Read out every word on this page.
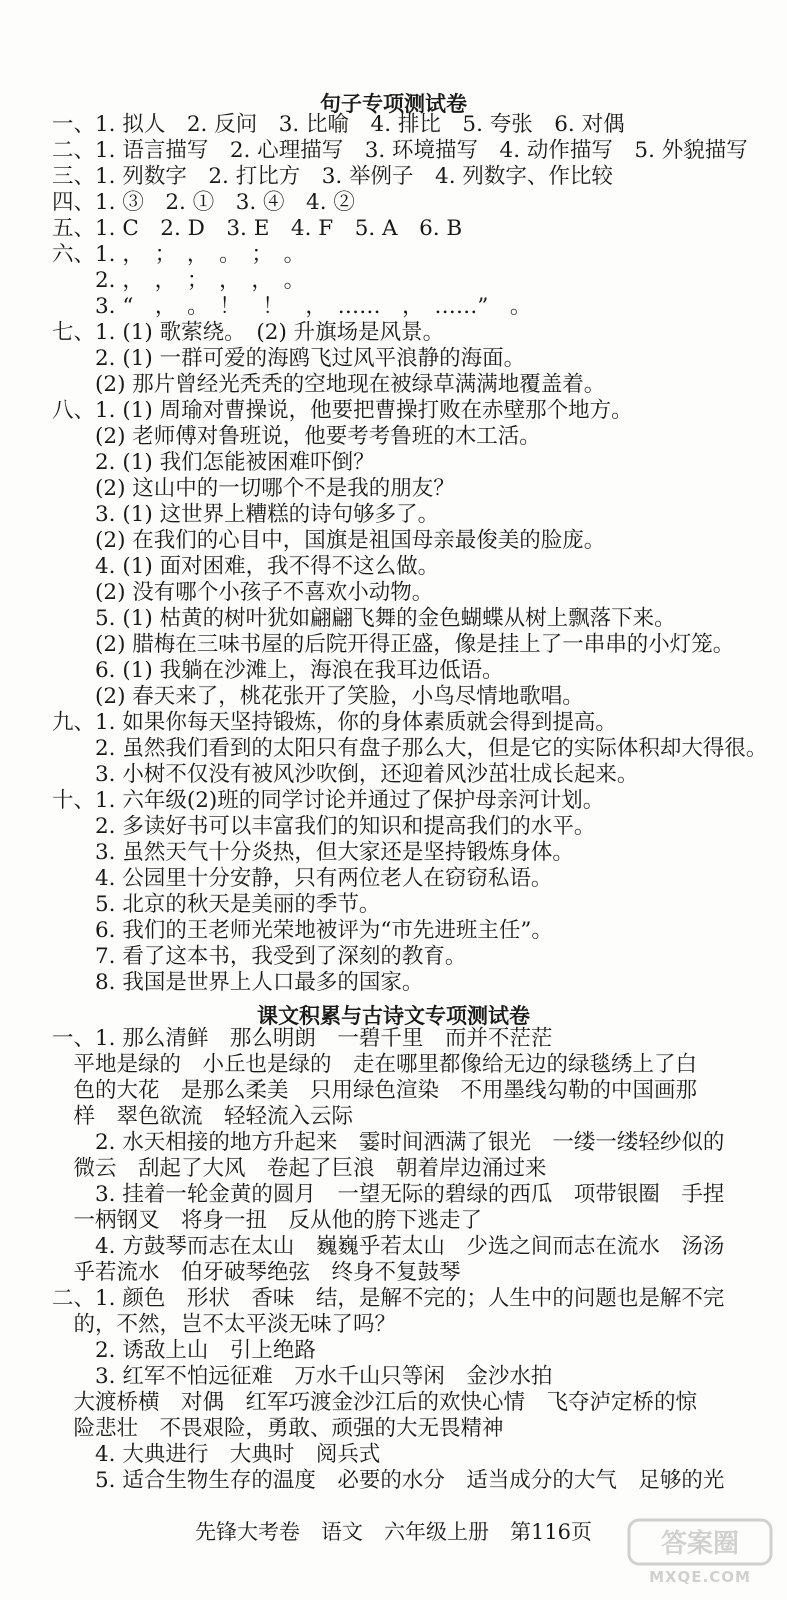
句子专项测试卷
一、1. 拟人　2. 反问　3. 比喻　4. 排比　5. 夸张　6. 对偶
二、1. 语言描写　2. 心理描写　3. 环境描写　4. 动作描写　5. 外貌描写
三、1. 列数字　2. 打比方　3. 举例子　4. 列数字、作比较
四、1. ③　2. ①　3. ④　4. ②
五、1. C　2. D　3. E　4. F　5. A　6. B
六、1. ，　；　，　。　；　。
　　2. ，　，　；　，　，　。
　　3. “　，　。　！　！　，　……　，　……”　。
七、1. (1) 歌萦绕。　(2) 升旗场是风景。
　　2. (1) 一群可爱的海鸥飞过风平浪静的海面。
　　(2) 那片曾经光秃秃的空地现在被绿草满满地覆盖着。
八、1. (1) 周瑜对曹操说，他要把曹操打败在赤壁那个地方。
　　(2) 老师傅对鲁班说，他要考考鲁班的木工活。
　　2. (1) 我们怎能被困难吓倒？
　　(2) 这山中的一切哪个不是我的朋友？
　　3. (1) 这世界上糟糕的诗句够多了。
　　(2) 在我们的心目中，国旗是祖国母亲最俊美的脸庞。
　　4. (1) 面对困难，我不得不这么做。
　　(2) 没有哪个小孩子不喜欢小动物。
　　5. (1) 枯黄的树叶犹如翩翩飞舞的金色蝴蝶从树上飘落下来。
　　(2) 腊梅在三味书屋的后院开得正盛，像是挂上了一串串的小灯笼。
　　6. (1) 我躺在沙滩上，海浪在我耳边低语。
　　(2) 春天来了，桃花张开了笑脸，小鸟尽情地歌唱。
九、1. 如果你每天坚持锻炼，你的身体素质就会得到提高。
　　2. 虽然我们看到的太阳只有盘子那么大，但是它的实际体积却大得很。
　　3. 小树不仅没有被风沙吹倒，还迎着风沙茁壮成长起来。
十、1. 六年级(2)班的同学讨论并通过了保护母亲河计划。
　　2. 多读好书可以丰富我们的知识和提高我们的水平。
　　3. 虽然天气十分炎热，但大家还是坚持锻炼身体。
　　4. 公园里十分安静，只有两位老人在窃窃私语。
　　5. 北京的秋天是美丽的季节。
　　6. 我们的王老师光荣地被评为“市先进班主任”。
　　7. 看了这本书，我受到了深刻的教育。
　　8. 我国是世界上人口最多的国家。
课文积累与古诗文专项测试卷
一、1. 那么清鲜　那么明朗　一碧千里　而并不茫茫
　平地是绿的　小丘也是绿的　走在哪里都像给无边的绿毯绣上了白
　色的大花　是那么柔美　只用绿色渲染　不用墨线勾勒的中国画那
　样　翠色欲流　轻轻流入云际
　　2. 水天相接的地方升起来　霎时间洒满了银光　一缕一缕轻纱似的
　微云　刮起了大风　卷起了巨浪　朝着岸边涌过来
　　3. 挂着一轮金黄的圆月　一望无际的碧绿的西瓜　项带银圈　手捏
　一柄钢叉　将身一扭　反从他的胯下逃走了
　　4. 方鼓琴而志在太山　巍巍乎若太山　少选之间而志在流水　汤汤
　乎若流水　伯牙破琴绝弦　终身不复鼓琴
二、1. 颜色　形状　香味　结，是解不完的；人生中的问题也是解不完
　的，不然，岂不太平淡无味了吗？
　　2. 诱敌上山　引上绝路
　　3. 红军不怕远征难　万水千山只等闲　金沙水拍
　大渡桥横　对偶　红军巧渡金沙江后的欢快心情　飞夺泸定桥的惊
　险悲壮　不畏艰险，勇敢、顽强的大无畏精神
　　4. 大典进行　大典时　阅兵式
　　5. 适合生物生存的温度　必要的水分　适当成分的大气　足够的光
先锋大考卷　语文　六年级上册　第116页	答案圈
MXQE.COM
